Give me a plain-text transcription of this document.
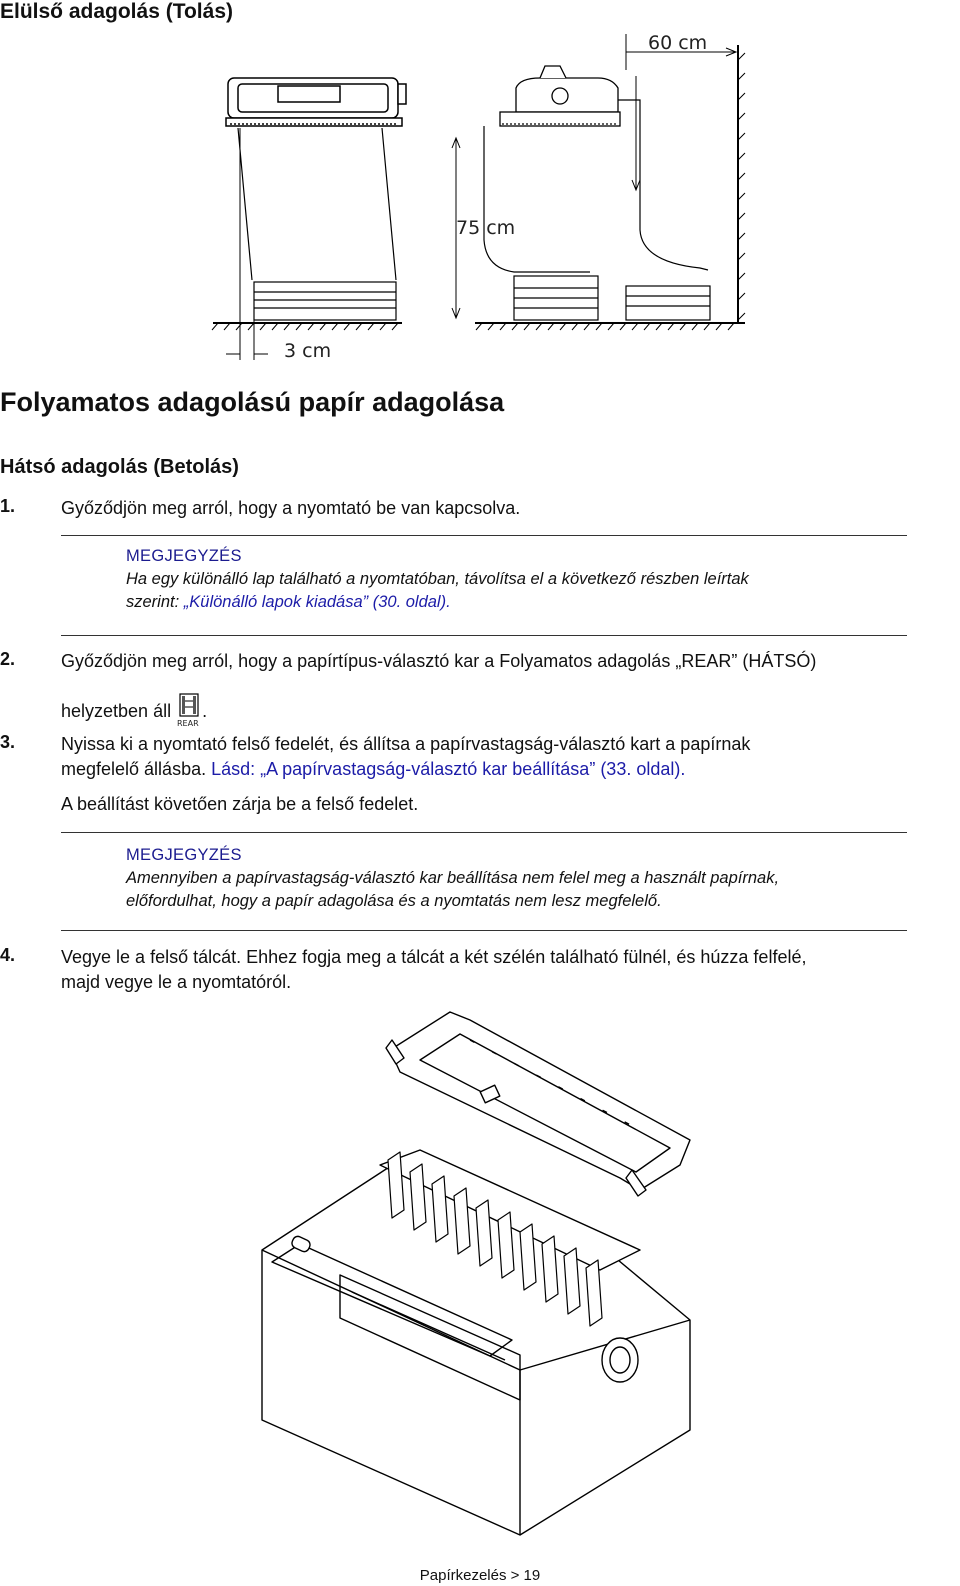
Elülső adagolás (Tolás)
3 cm
75 cm
60 cm
Folyamatos adagolású papír adagolása
Hátsó adagolás (Betolás)
1.	Győződjön meg arról, hogy a nyomtató be van kapcsolva.
MEGJEGYZÉS
Ha egy különálló lap található a nyomtatóban, távolítsa el a következő részben leírtak
szerint: „Különálló lapok kiadása” (30. oldal).
2.	Győződjön meg arról, hogy a papírtípus-választó kar a Folyamatos adagolás „REAR” (HÁTSÓ)
helyzetben áll
REAR
.
3.	Nyissa ki a nyomtató felső fedelét, és állítsa a papírvastagság-választó kart a papírnak
megfelelő állásba. Lásd: „A papírvastagság-választó kar beállítása” (33. oldal).
A beállítást követően zárja be a felső fedelet.
MEGJEGYZÉS
Amennyiben a papírvastagság-választó kar beállítása nem felel meg a használt papírnak,
előfordulhat, hogy a papír adagolása és a nyomtatás nem lesz megfelelő.
4.	Vegye le a felső tálcát. Ehhez fogja meg a tálcát a két szélén található fülnél, és húzza felfelé,
majd vegye le a nyomtatóról.
Papírkezelés > 19
